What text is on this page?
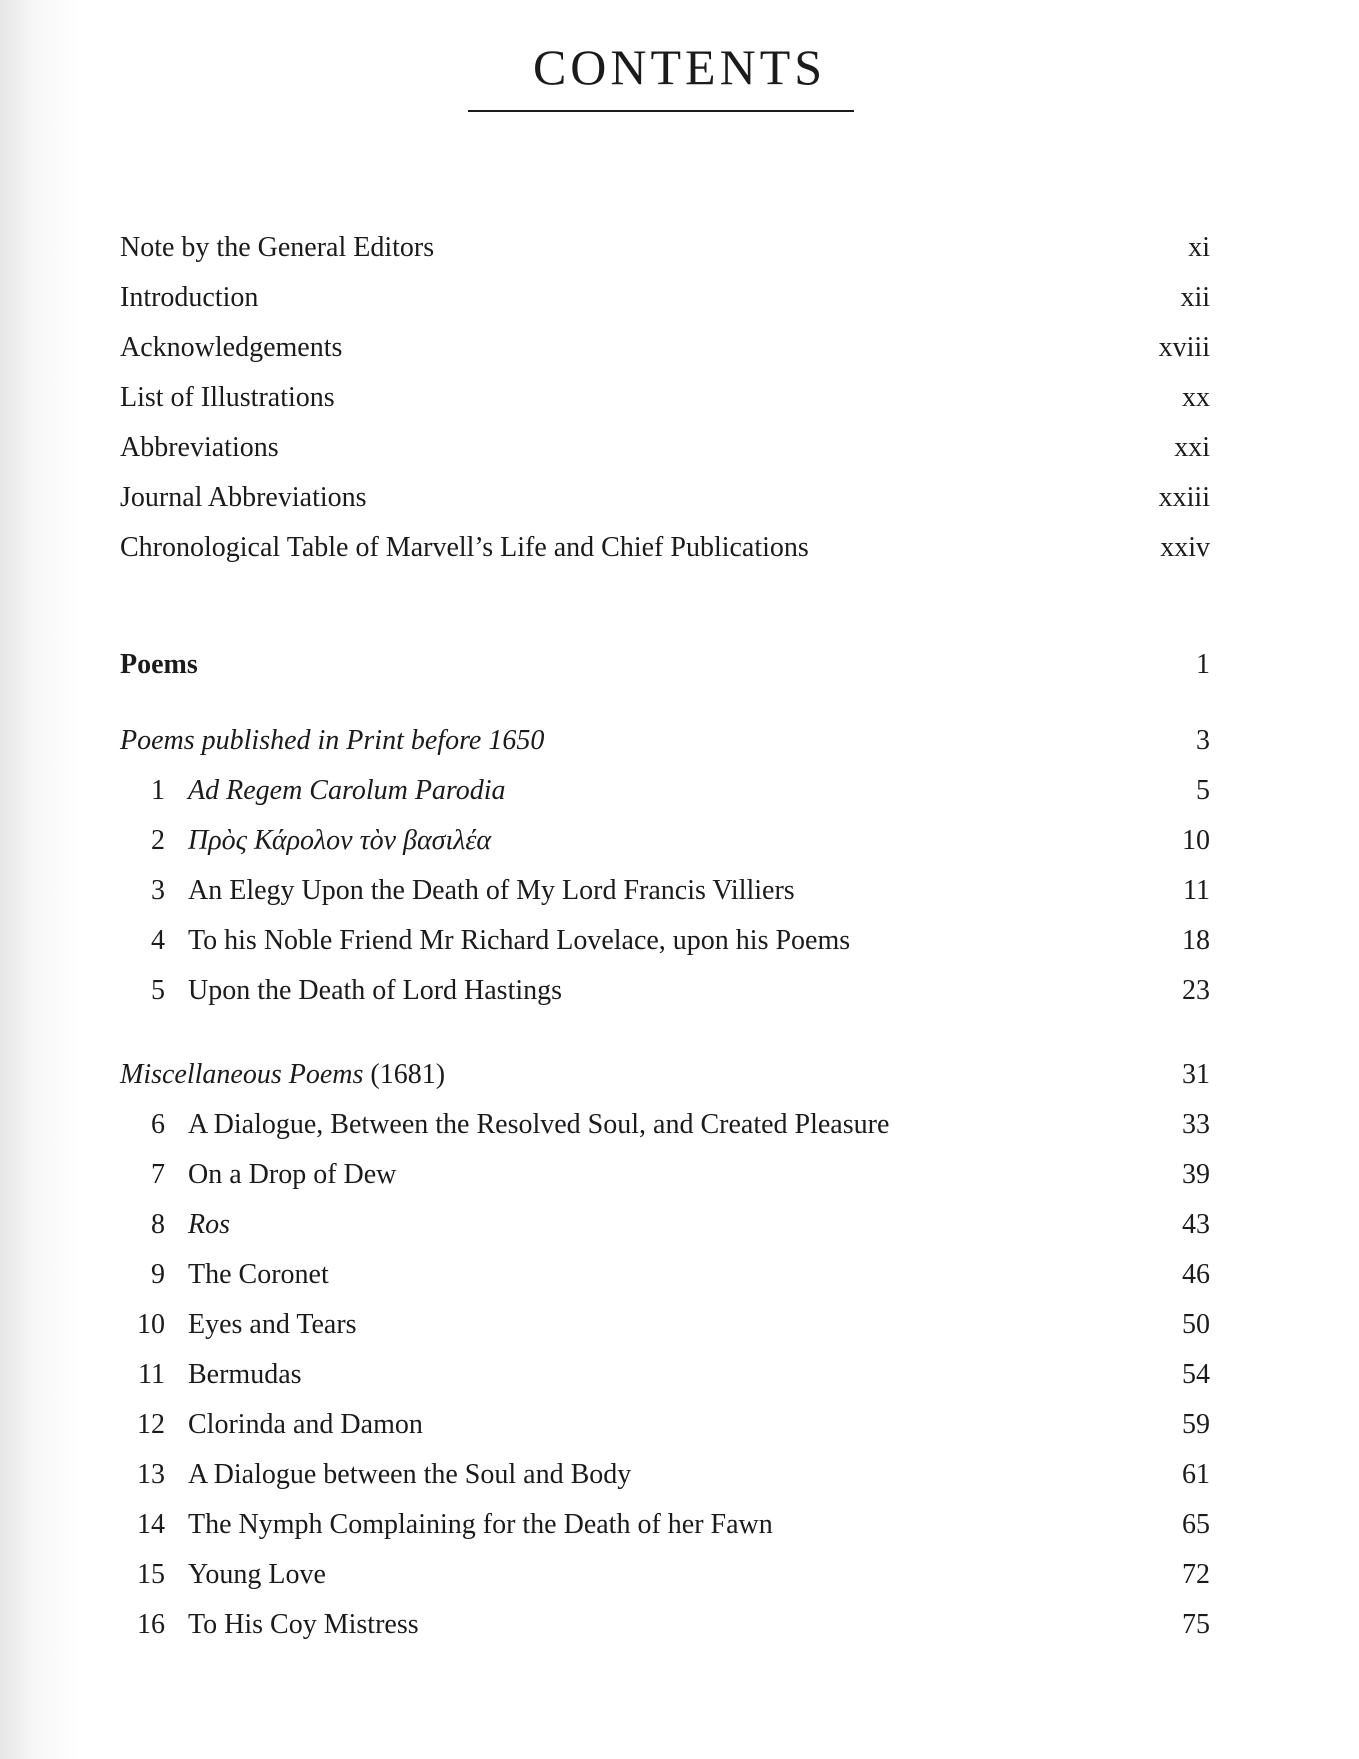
CONTENTS
Note by the General Editors	xi
Introduction	xii
Acknowledgements	xviii
List of Illustrations	xx
Abbreviations	xxi
Journal Abbreviations	xxiii
Chronological Table of Marvell’s Life and Chief Publications	xxiv
Poems	1
Poems published in Print before 1650	3
1 Ad Regem Carolum Parodia	5
2 Πρὸς Κάρολον τὸν βασιλέα	10
3 An Elegy Upon the Death of My Lord Francis Villiers	11
4 To his Noble Friend Mr Richard Lovelace, upon his Poems	18
5 Upon the Death of Lord Hastings	23
Miscellaneous Poems (1681)	31
6 A Dialogue, Between the Resolved Soul, and Created Pleasure	33
7 On a Drop of Dew	39
8 Ros	43
9 The Coronet	46
10 Eyes and Tears	50
11 Bermudas	54
12 Clorinda and Damon	59
13 A Dialogue between the Soul and Body	61
14 The Nymph Complaining for the Death of her Fawn	65
15 Young Love	72
16 To His Coy Mistress	75
